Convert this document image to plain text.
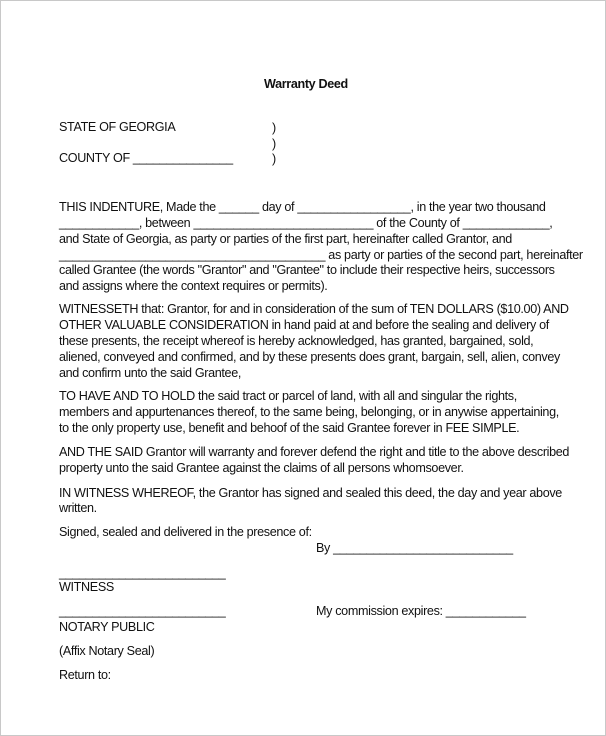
Warranty Deed
STATE OF GEORGIA
COUNTY OF _______________
)
)
)
THIS INDENTURE, Made the ______ day of _________________, in the year two thousand
____________, between ___________________________ of the County of _____________,
and State of Georgia, as party or parties of the first part, hereinafter called Grantor, and
________________________________________ as party or parties of the second part, hereinafter
called Grantee (the words "Grantor" and "Grantee" to include their respective heirs, successors
and assigns where the context requires or permits).
WITNESSETH that: Grantor, for and in consideration of the sum of TEN DOLLARS ($10.00) AND
OTHER VALUABLE CONSIDERATION in hand paid at and before the sealing and delivery of
these presents, the receipt whereof is hereby acknowledged, has granted, bargained, sold,
aliened, conveyed and confirmed, and by these presents does grant, bargain, sell, alien, convey
and confirm unto the said Grantee,
TO HAVE AND TO HOLD the said tract or parcel of land, with all and singular the rights,
members and appurtenances thereof, to the same being, belonging, or in anywise appertaining,
to the only property use, benefit and behoof of the said Grantee forever in FEE SIMPLE.
AND THE SAID Grantor will warranty and forever defend the right and title to the above described
property unto the said Grantee against the claims of all persons whomsoever.
IN WITNESS WHEREOF, the Grantor has signed and sealed this deed, the day and year above
written.
Signed, sealed and delivered in the presence of:
By ___________________________
_________________________
WITNESS
_________________________	My commission expires: ____________
NOTARY PUBLIC
(Affix Notary Seal)
Return to:
